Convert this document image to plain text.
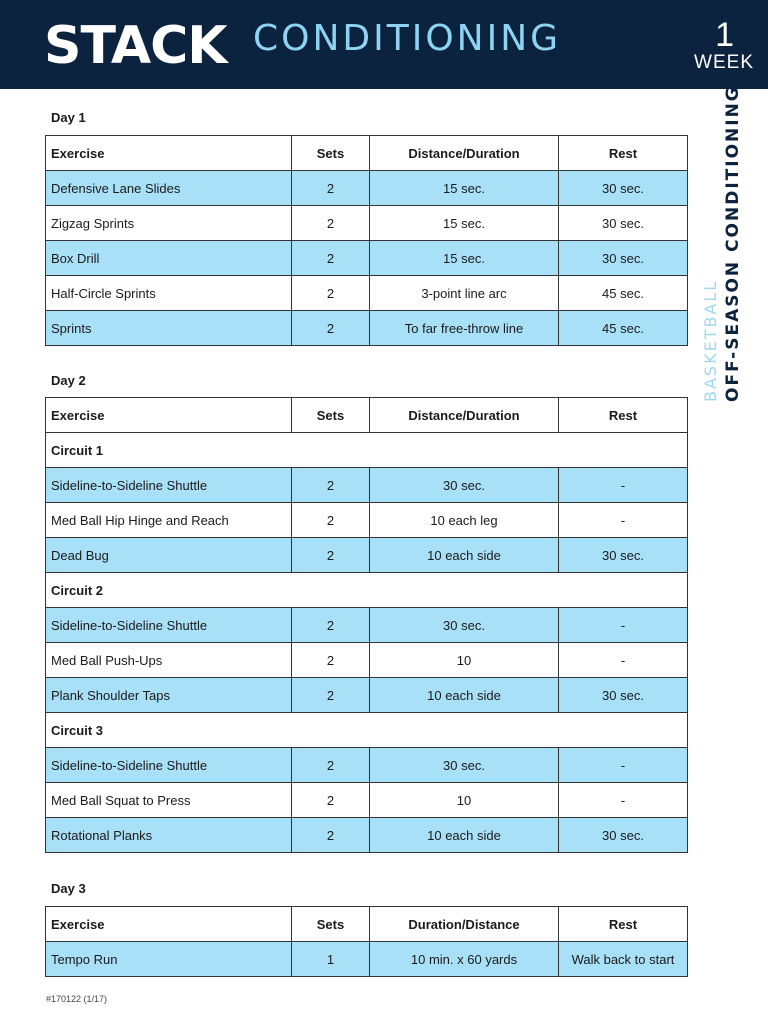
STACK CONDITIONING	1
WEEK
BASKETBALL OFF-SEASON CONDITIONING
Day 1
Exercise	Sets	Distance/Duration	Rest
Defensive Lane Slides	2	15 sec.	30 sec.
Zigzag Sprints	2	15 sec.	30 sec.
Box Drill	2	15 sec.	30 sec.
Half-Circle Sprints	2	3-point line arc	45 sec.
Sprints	2	To far free-throw line	45 sec.
Day 2
Exercise	Sets	Distance/Duration	Rest
Circuit 1			
Sideline-to-Sideline Shuttle	2	30 sec.	-
Med Ball Hip Hinge and Reach	2	10 each leg	-
Dead Bug	2	10 each side	30 sec.
Circuit 2			
Sideline-to-Sideline Shuttle	2	30 sec.	-
Med Ball Push-Ups	2	10	-
Plank Shoulder Taps	2	10 each side	30 sec.
Circuit 3			
Sideline-to-Sideline Shuttle	2	30 sec.	-
Med Ball Squat to Press	2	10	-
Rotational Planks	2	10 each side	30 sec.
Day 3
Exercise	Sets	Duration/Distance	Rest
Tempo Run	1	10 min. x 60 yards	Walk back to start
#170122 (1/17)
